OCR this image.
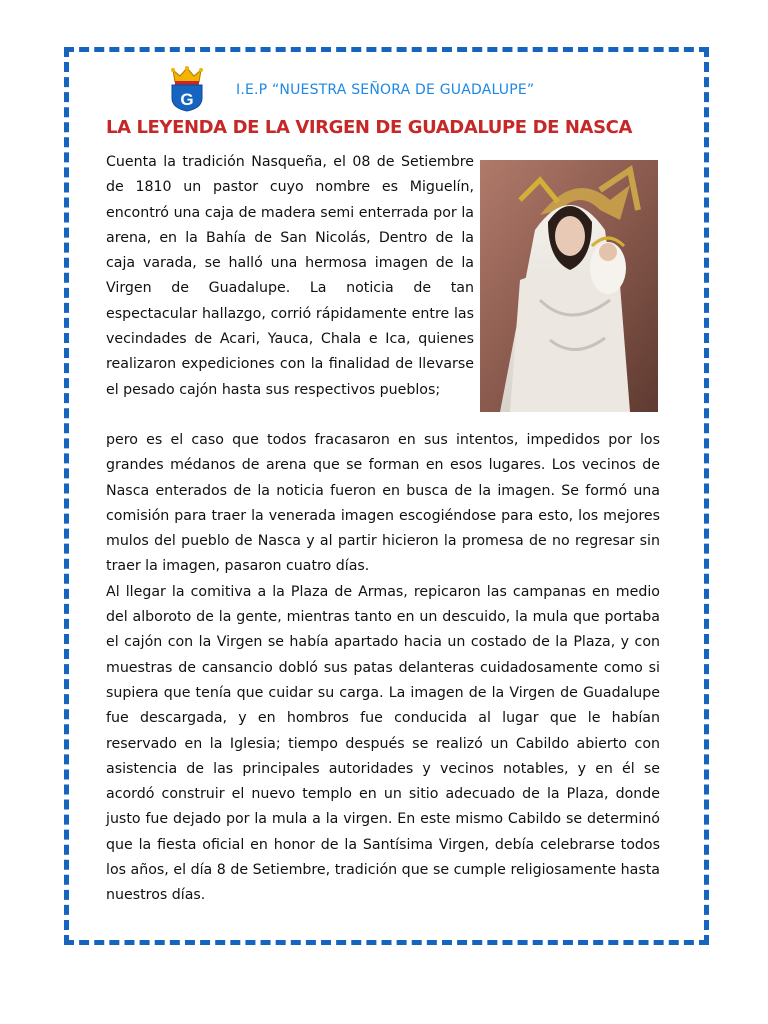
G	I.E.P “NUESTRA SEÑORA DE GUADALUPE”
LA LEYENDA DE LA VIRGEN DE GUADALUPE DE NASCA

Cuenta la tradición Nasqueña, el 08 de Setiembre de 1810 un pastor cuyo nombre es Miguelín, encontró una caja de madera semi enterrada por la arena, en la Bahía de San Nicolás, Dentro de la caja varada, se halló una hermosa imagen de la Virgen de Guadalupe. La noticia de tan espectacular hallazgo, corrió rápidamente entre las vecindades de Acari, Yauca, Chala e Ica, quienes realizaron expediciones con la finalidad de llevarse el pesado cajón hasta sus respectivos pueblos;

pero es el caso que todos fracasaron en sus intentos, impedidos por los grandes médanos de arena que se forman en esos lugares. Los vecinos de Nasca enterados de la noticia fueron en busca de la imagen. Se formó una comisión para traer la venerada imagen escogiéndose para esto, los mejores mulos del pueblo de Nasca y al partir hicieron la promesa de no regresar sin traer la imagen, pasaron cuatro días.
Al llegar la comitiva a la Plaza de Armas, repicaron las campanas en medio del alboroto de la gente, mientras tanto en un descuido, la mula que portaba el cajón con la Virgen se había apartado hacia un costado de la Plaza, y con muestras de cansancio dobló sus patas delanteras cuidadosamente como si supiera que tenía que cuidar su carga. La imagen de la Virgen de Guadalupe fue descargada, y en hombros fue conducida al lugar que le habían reservado en la Iglesia; tiempo después se realizó un Cabildo abierto con asistencia de las principales autoridades y vecinos notables, y en él se acordó construir el nuevo templo en un sitio adecuado de la Plaza, donde justo fue dejado por la mula a la virgen. En este mismo Cabildo se determinó que la fiesta oficial en honor de la Santísima Virgen, debía celebrarse todos los años, el día 8 de Setiembre, tradición que se cumple religiosamente hasta nuestros días.
